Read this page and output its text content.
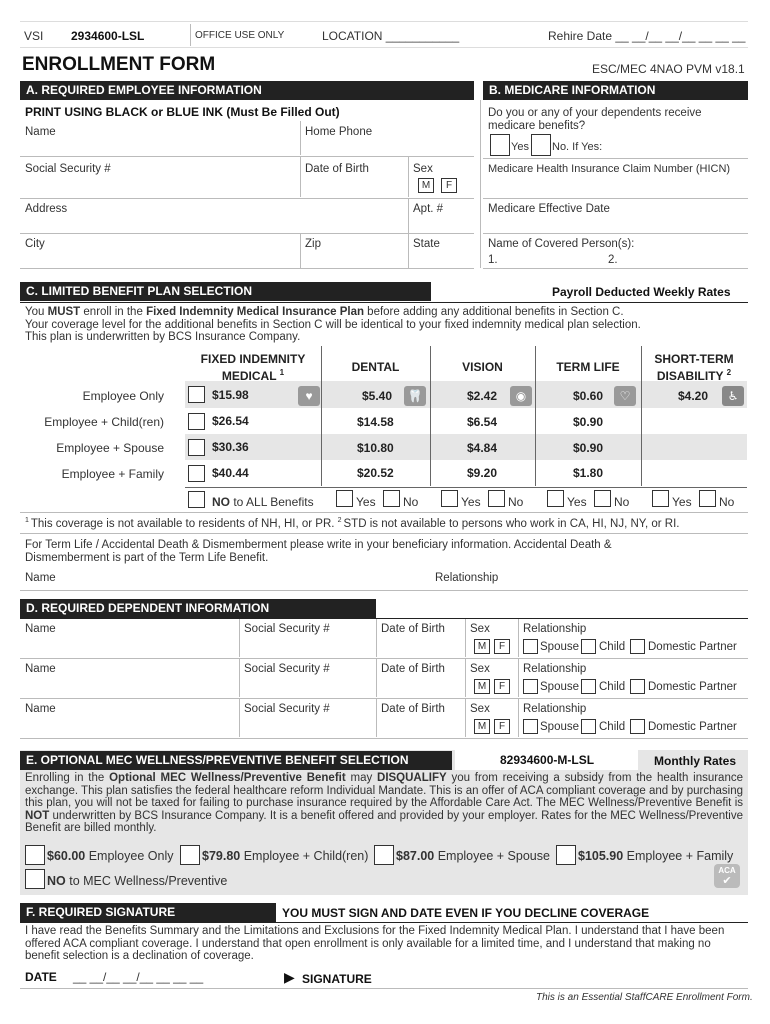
VSI 2934600-LSL	OFFICE USE ONLY	LOCATION ___________	Rehire Date __ __/__ __/__ __ __ __
ENROLLMENT FORM	ESC/MEC 4NAO PVM v18.1
A. REQUIRED EMPLOYEE INFORMATION
PRINT USING BLACK or BLUE INK (Must Be Filled Out)
Name	Home Phone
Social Security #	Date of Birth	Sex
M	F
Address	Apt. #
City	Zip	State
B. MEDICARE INFORMATION
Do you or any of your dependents receive medicare benefits?
Yes No. If Yes:
Medicare Health Insurance Claim Number (HICN)
Medicare Effective Date
Name of Covered Person(s):
1.	2.
C. LIMITED BENEFIT PLAN SELECTION	Payroll Deducted Weekly Rates
You MUST enroll in the Fixed Indemnity Medical Insurance Plan before adding any additional benefits in Section C.
Your coverage level for the additional benefits in Section C will be identical to your fixed indemnity medical plan selection.
This plan is underwritten by BCS Insurance Company.
FIXED INDEMNITY
MEDICAL $^1$	DENTAL	VISION	TERM LIFE
SHORT-TERM
DISABILITY $^2$
Employee Only	$15.98	♥	$5.40 🦷	$2.42	◉	$0.60	♡	$4.20	♿
Employee + Child(ren)	$26.54	$14.58	$6.54	$0.90
Employee + Spouse	$30.36	$10.80	$4.84	$0.90
Employee + Family	$40.44	$20.52	$9.20	$1.80
NO to ALL Benefits	Yes No	Yes No	Yes No	Yes No
$^1$ This coverage is not available to residents of NH, HI, or PR. $^2$ STD is not available to persons who work in CA, HI, NJ, NY, or RI.
For Term Life / Accidental Death & Dismemberment please write in your beneficiary information. Accidental Death & Dismemberment is part of the Term Life Benefit.
Name	Relationship
D. REQUIRED DEPENDENT INFORMATION
Name	Social Security #	Date of Birth Sex
M	F
Relationship
Spouse Child Domestic Partner
Name	Social Security #	Date of Birth Sex
M	F
Relationship
Spouse Child Domestic Partner
Name	Social Security #	Date of Birth Sex
M	F
Relationship
Spouse Child Domestic Partner
E. OPTIONAL MEC WELLNESS/PREVENTIVE BENEFIT SELECTION	82934600-M-LSL	Monthly Rates
Enrolling in the Optional MEC Wellness/Preventive Benefit may DISQUALIFY you from receiving a subsidy from the health insurance exchange. This plan satisfies the federal healthcare reform Individual Mandate. This is an offer of ACA compliant coverage and by purchasing this plan, you will not be taxed for failing to purchase insurance required by the Affordable Care Act. The MEC Wellness/Preventive Benefit is NOT underwritten by BCS Insurance Company. It is a benefit offered and provided by your employer. Rates for the MEC Wellness/Preventive Benefit are billed monthly.
$60.00 Employee Only $79.80 Employee + Child(ren) $87.00 Employee + Spouse $105.90 Employee + Family
NO to MEC Wellness/Preventive
ACA
✔
F. REQUIRED SIGNATURE	YOU MUST SIGN AND DATE EVEN IF YOU DECLINE COVERAGE
I have read the Benefits Summary and the Limitations and Exclusions for the Fixed Indemnity Medical Plan. I understand that I have been offered ACA compliant coverage. I understand that open enrollment is only available for a limited time, and I understand that making no benefit selection is a declination of coverage.
DATE __ __/__ __/__ __ __ __	▶ SIGNATURE
This is an Essential StaffCARE Enrollment Form.
